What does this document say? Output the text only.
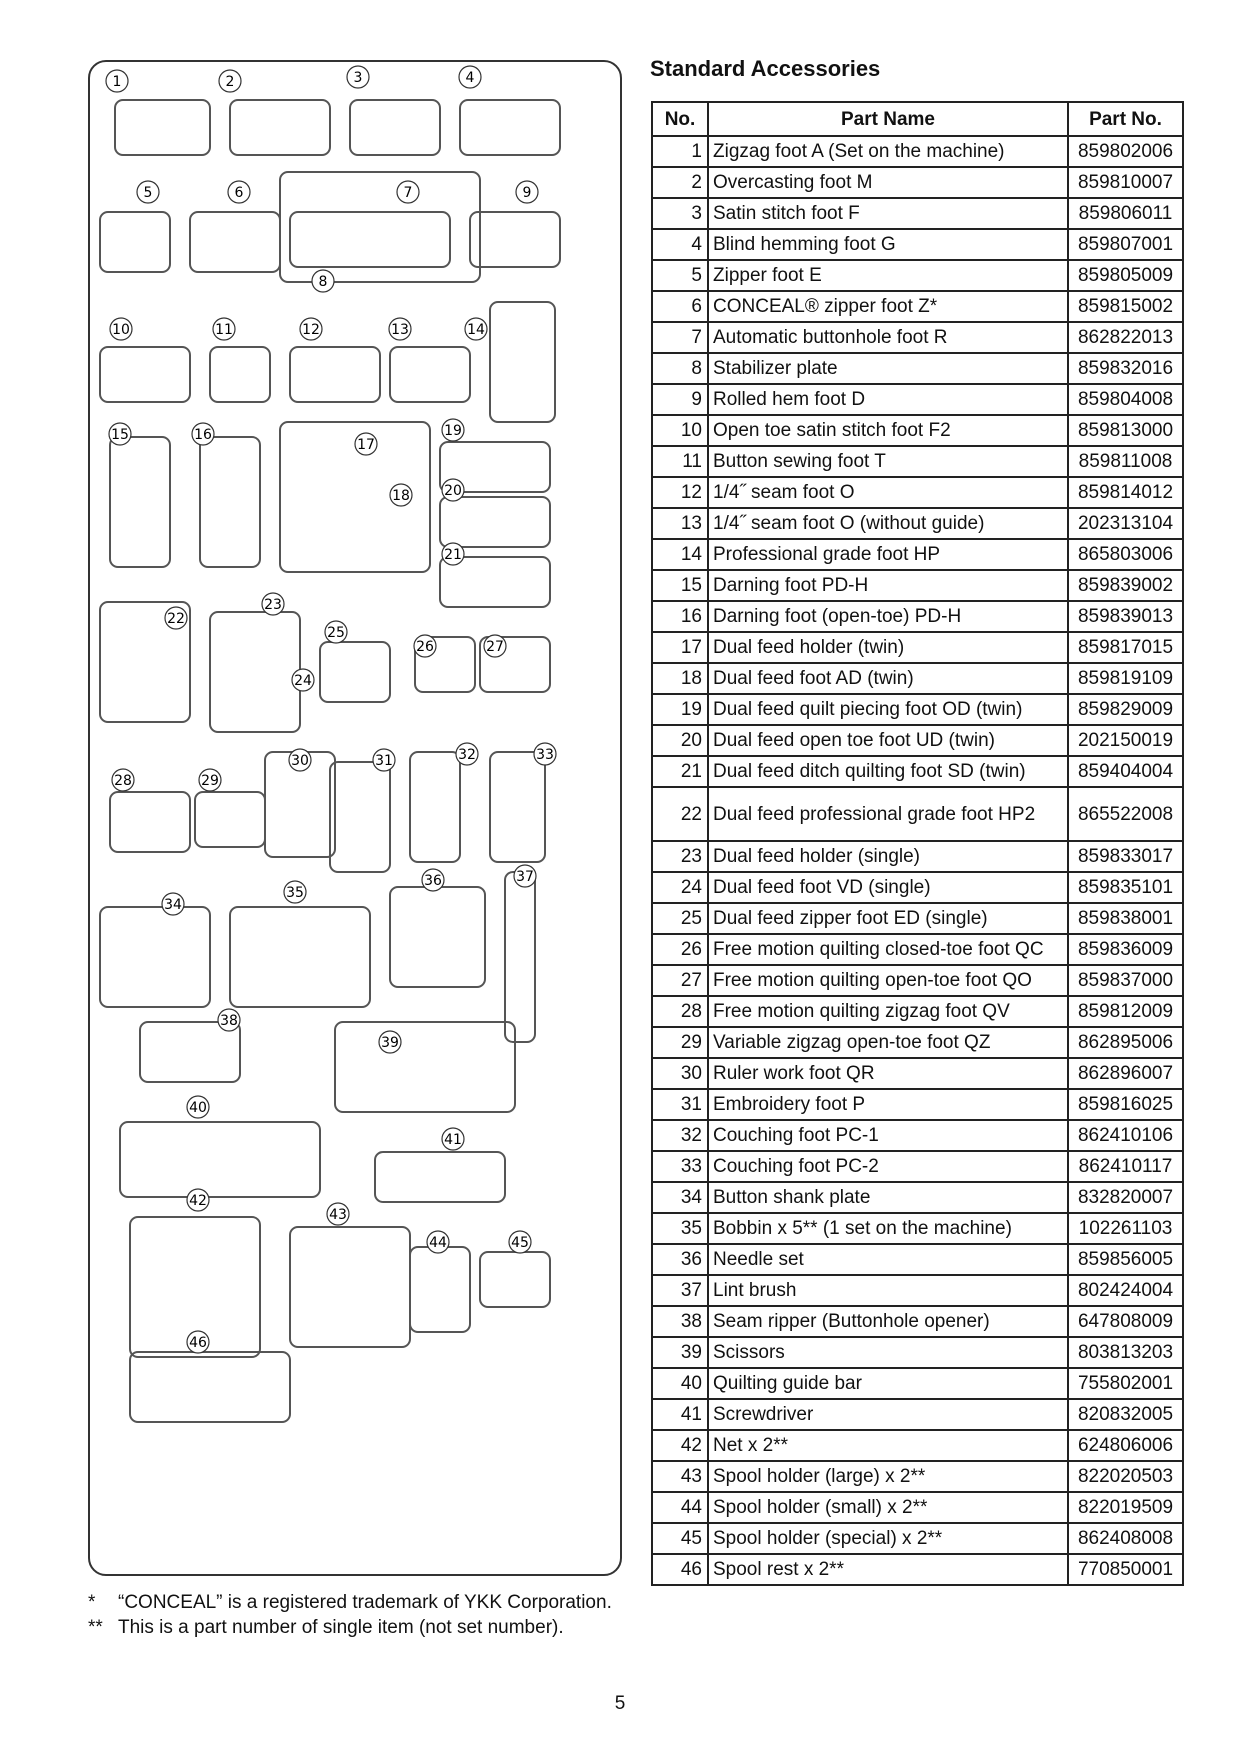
1	2	3	4
5	6	7
8
9
10	11	12	13	14
15	16
17
18
19
20
21
22
23
24
25
26	27
28	29
30	31	32	33
34
35
36	37
38
39
40
41
42
43
44	45
46
*	“CONCEAL” is a registered trademark of YKK Corporation.
** This is a part number of single item (not set number).
Standard Accessories
No.	Part Name	Part No.
1	Zigzag foot A (Set on the machine)	859802006
2	Overcasting foot M	859810007
3	Satin stitch foot F	859806011
4	Blind hemming foot G	859807001
5	Zipper foot E	859805009
6	CONCEAL® zipper foot Z*	859815002
7	Automatic buttonhole foot R	862822013
8	Stabilizer plate	859832016
9	Rolled hem foot D	859804008
10	Open toe satin stitch foot F2	859813000
11	Button sewing foot T	859811008
12	1/4˝ seam foot O	859814012
13	1/4˝ seam foot O (without guide)	202313104
14	Professional grade foot HP	865803006
15	Darning foot PD-H	859839002
16	Darning foot (open-toe) PD-H	859839013
17	Dual feed holder (twin)	859817015
18	Dual feed foot AD (twin)	859819109
19	Dual feed quilt piecing foot OD (twin)	859829009
20	Dual feed open toe foot UD (twin)	202150019
21	Dual feed ditch quilting foot SD (twin)	859404004
22	Dual feed professional grade foot HP2	865522008
23	Dual feed holder (single)	859833017
24	Dual feed foot VD (single)	859835101
25	Dual feed zipper foot ED (single)	859838001
26	Free motion quilting closed-toe foot QC	859836009
27	Free motion quilting open-toe foot QO	859837000
28	Free motion quilting zigzag foot QV	859812009
29	Variable zigzag open-toe foot QZ	862895006
30	Ruler work foot QR	862896007
31	Embroidery foot P	859816025
32	Couching foot PC-1	862410106
33	Couching foot PC-2	862410117
34	Button shank plate	832820007
35	Bobbin x 5** (1 set on the machine)	102261103
36	Needle set	859856005
37	Lint brush	802424004
38	Seam ripper (Buttonhole opener)	647808009
39	Scissors	803813203
40	Quilting guide bar	755802001
41	Screwdriver	820832005
42	Net x 2**	624806006
43	Spool holder (large) x 2**	822020503
44	Spool holder (small) x 2**	822019509
45	Spool holder (special) x 2**	862408008
46	Spool rest x 2**	770850001
5
